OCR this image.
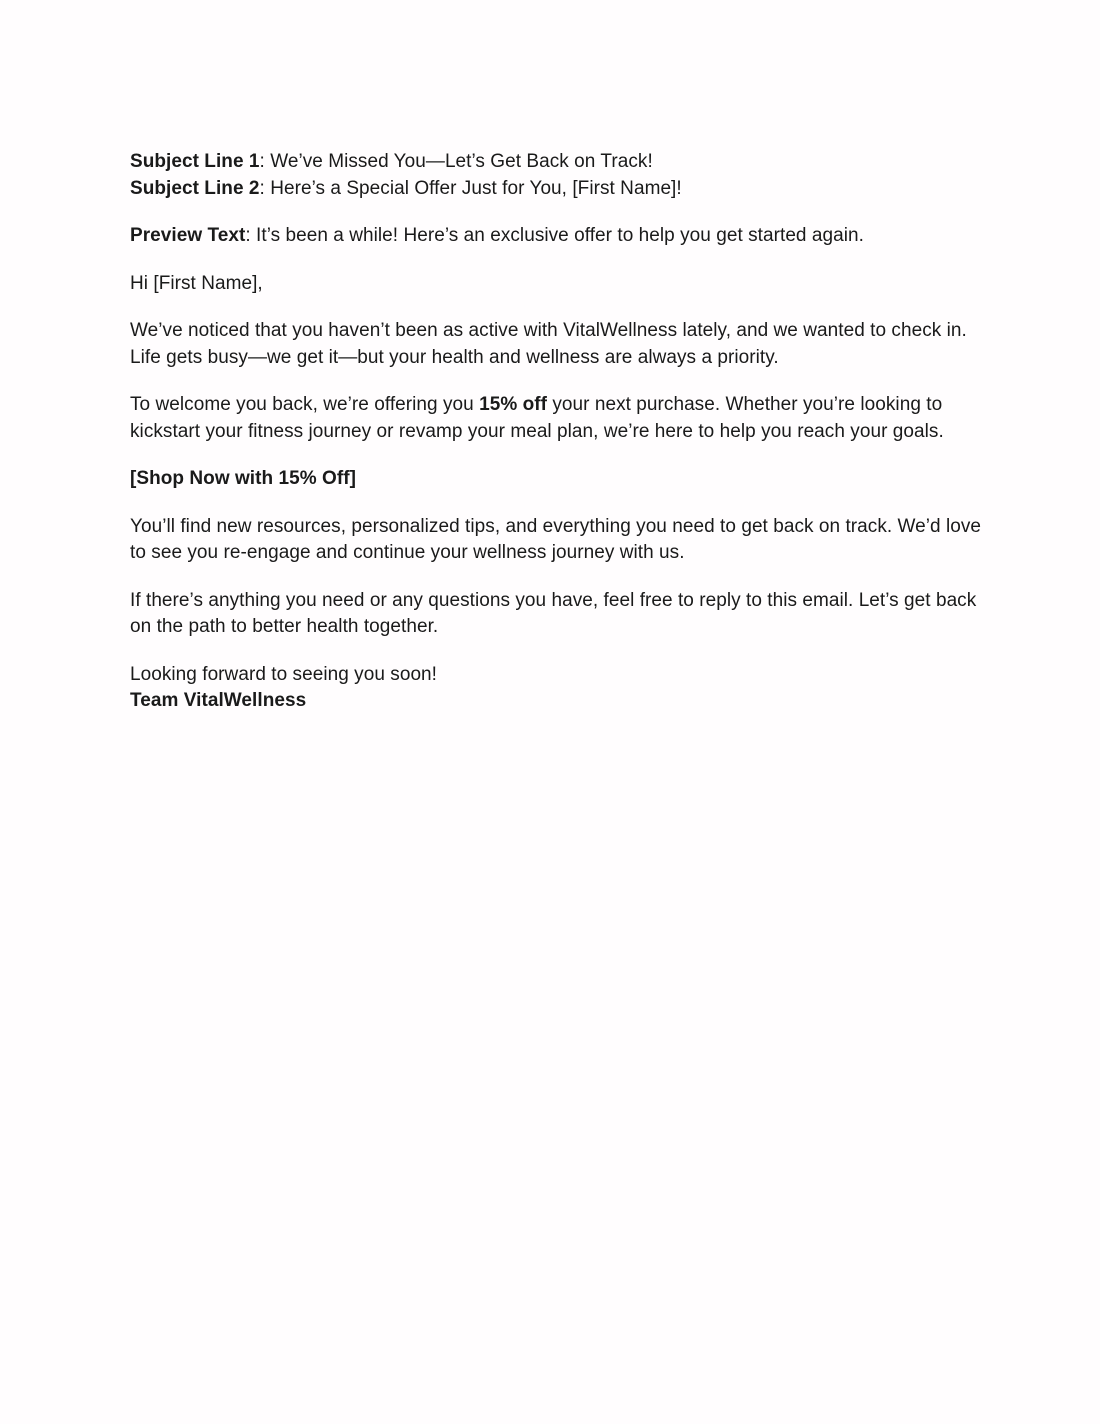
Subject Line 1: We’ve Missed You—Let’s Get Back on Track!

Subject Line 2: Here’s a Special Offer Just for You, [First Name]!

Preview Text: It’s been a while! Here’s an exclusive offer to help you get started again.

Hi [First Name],

We’ve noticed that you haven’t been as active with VitalWellness lately, and we wanted to check in. Life gets busy—we get it—but your health and wellness are always a priority.

To welcome you back, we’re offering you 15% off your next purchase. Whether you’re looking to kickstart your fitness journey or revamp your meal plan, we’re here to help you reach your goals.

[Shop Now with 15% Off]

You’ll find new resources, personalized tips, and everything you need to get back on track. We’d love to see you re-engage and continue your wellness journey with us.

If there’s anything you need or any questions you have, feel free to reply to this email. Let’s get back on the path to better health together.

Looking forward to seeing you soon!

Team VitalWellness
